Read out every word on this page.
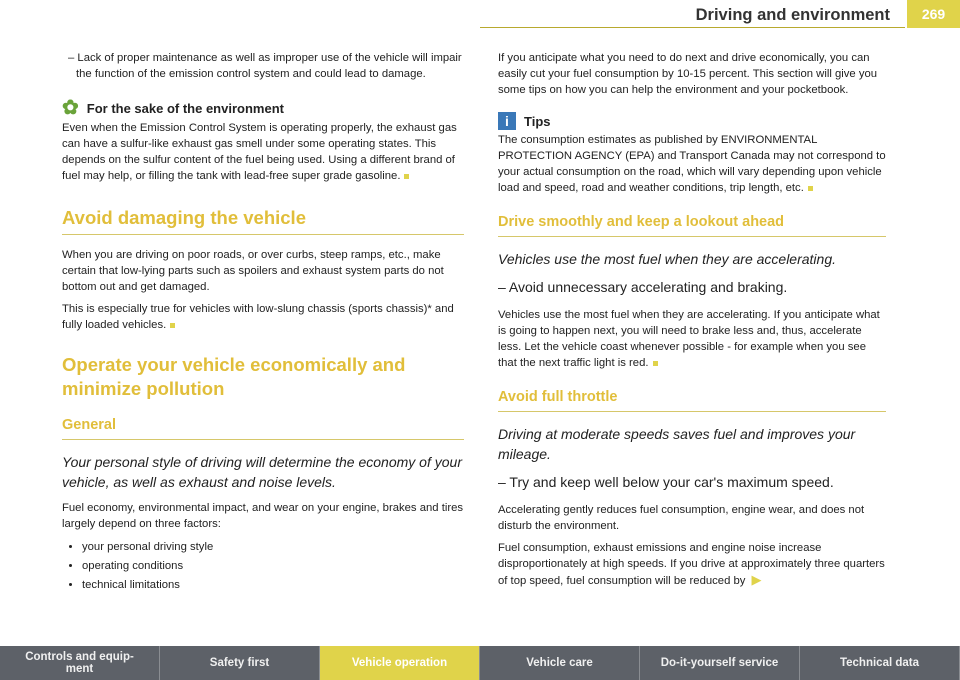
Driving and environment	269

– Lack of proper maintenance as well as improper use of the vehicle will impair the function of the emission control system and could lead to damage.

✿ For the sake of the environment

Even when the Emission Control System is operating properly, the exhaust gas can have a sulfur-like exhaust gas smell under some operating states. This depends on the sulfur content of the fuel being used. Using a different brand of fuel may help, or filling the tank with lead-free super grade gasoline.

Avoid damaging the vehicle

When you are driving on poor roads, or over curbs, steep ramps, etc., make certain that low-lying parts such as spoilers and exhaust system parts do not bottom out and get damaged.

This is especially true for vehicles with low-slung chassis (sports chassis)* and fully loaded vehicles.

Operate your vehicle economically and minimize pollution
General

Your personal style of driving will determine the economy of your vehicle, as well as exhaust and noise levels.

Fuel economy, environmental impact, and wear on your engine, brakes and tires largely depend on three factors:

• your personal driving style
• operating conditions
• technical limitations

If you anticipate what you need to do next and drive economically, you can easily cut your fuel consumption by 10-15 percent. This section will give you some tips on how you can help the environment and your pocketbook.

i	Tips

The consumption estimates as published by ENVIRONMENTAL PROTECTION AGENCY (EPA) and Transport Canada may not correspond to your actual consumption on the road, which will vary depending upon vehicle load and speed, road and weather conditions, trip length, etc.

Drive smoothly and keep a lookout ahead

Vehicles use the most fuel when they are accelerating.

– Avoid unnecessary accelerating and braking.

Vehicles use the most fuel when they are accelerating. If you anticipate what is going to happen next, you will need to brake less and, thus, accelerate less. Let the vehicle coast whenever possible - for example when you see that the next traffic light is red.

Avoid full throttle

Driving at moderate speeds saves fuel and improves your mileage.

– Try and keep well below your car's maximum speed.

Accelerating gently reduces fuel consumption, engine wear, and does not disturb the environment.

Fuel consumption, exhaust emissions and engine noise increase disproportionately at high speeds. If you drive at approximately three quarters of top speed, fuel consumption will be reduced by ▶

Controls and equip-
ment	Safety first	Vehicle operation	Vehicle care	Do-it-yourself service	Technical data
